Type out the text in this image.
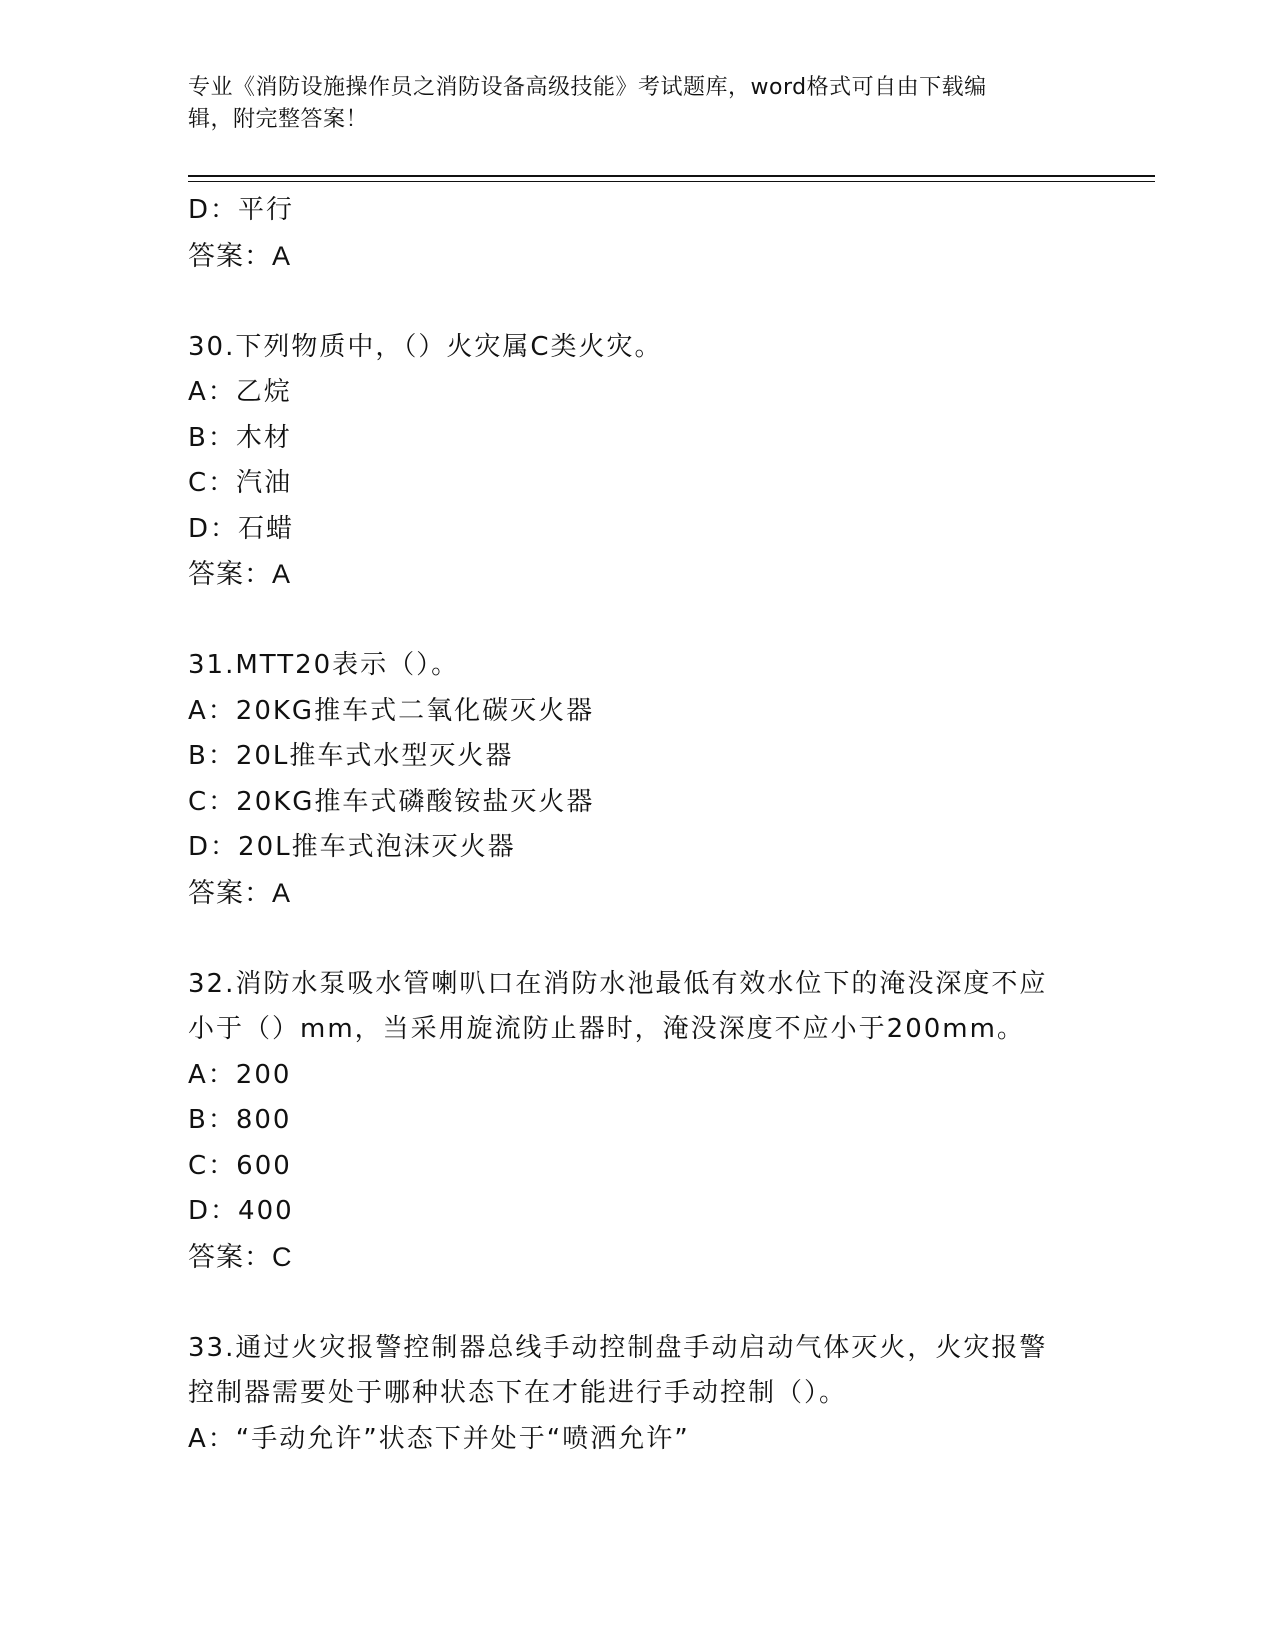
专业《消防设施操作员之消防设备高级技能》考试题库，word格式可自由下载编
辑，附完整答案！
D：平行
答案：A
30.下列物质中，（）火灾属C类火灾。
A：乙烷
B：木材
C：汽油
D：石蜡
答案：A
31.MTT20表示（）。
A：20KG推车式二氧化碳灭火器
B：20L推车式水型灭火器
C：20KG推车式磷酸铵盐灭火器
D：20L推车式泡沫灭火器
答案：A
32.消防水泵吸水管喇叭口在消防水池最低有效水位下的淹没深度不应
小于（）mm，当采用旋流防止器时，淹没深度不应小于200mm。
A：200
B：800
C：600
D：400
答案：C
33.通过火灾报警控制器总线手动控制盘手动启动气体灭火，火灾报警
控制器需要处于哪种状态下在才能进行手动控制（）。
A：“手动允许”状态下并处于“喷洒允许”
